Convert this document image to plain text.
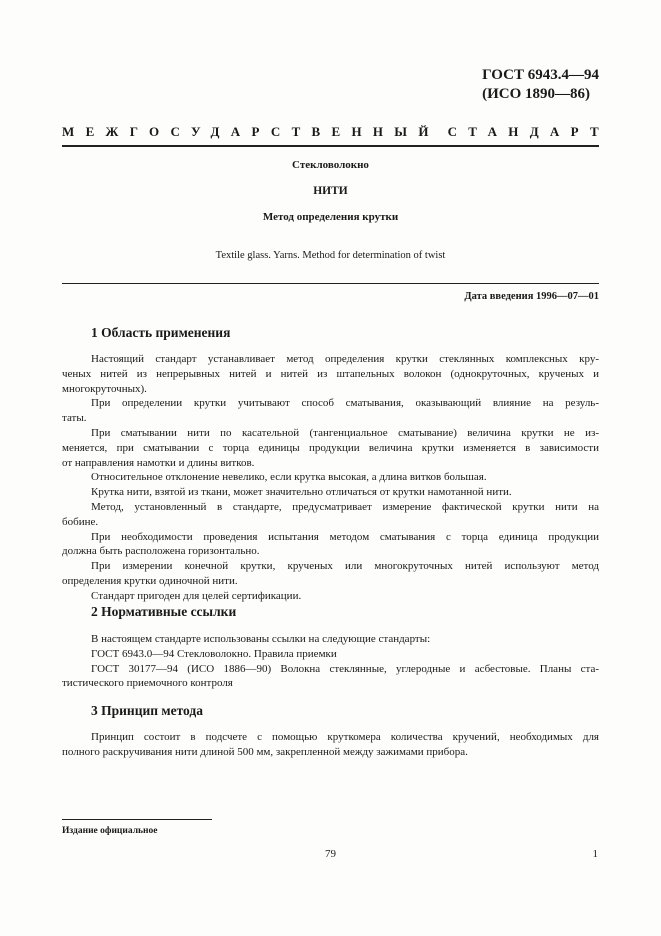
ГОСТ 6943.4—94
(ИСО 1890—86)
МЕЖГОСУДАРСТВЕННЫЙ СТАНДАРТ
Стекловолокно
НИТИ
Метод определения крутки
Textile glass. Yarns. Method for determination of twist
Дата введения 1996—07—01
1 Область применения

Настоящий стандарт устанавливает метод определения крутки стеклянных комплексных кру-
ченых нитей из непрерывных нитей и нитей из штапельных волокон (однокруточных, крученых и
многокруточных).

При определении крутки учитывают способ сматывания, оказывающий влияние на резуль-
таты.

При сматывании нити по касательной (тангенциальное сматывание) величина крутки не из-
меняется, при сматывании с торца единицы продукции величина крутки изменяется в зависимости
от направления намотки и длины витков.

Относительное отклонение невелико, если крутка высокая, а длина витков большая.

Крутка нити, взятой из ткани, может значительно отличаться от крутки намотанной нити.

Метод, установленный в стандарте, предусматривает измерение фактической крутки нити на
бобине.

При необходимости проведения испытания методом сматывания с торца единица продукции
должна быть расположена горизонтально.

При измерении конечной крутки, крученых или многокруточных нитей используют метод
определения крутки одиночной нити.

Стандарт пригоден для целей сертификации.

2 Нормативные ссылки

В настоящем стандарте использованы ссылки на следующие стандарты:

ГОСТ 6943.0—94 Стекловолокно. Правила приемки

ГОСТ 30177—94 (ИСО 1886—90) Волокна стеклянные, углеродные и асбестовые. Планы ста-
тистического приемочного контроля

3 Принцип метода

Принцип состоит в подсчете с помощью круткомера количества кручений, необходимых для
полного раскручивания нити длиной 500 мм, закрепленной между зажимами прибора.

Издание официальное
79	1
